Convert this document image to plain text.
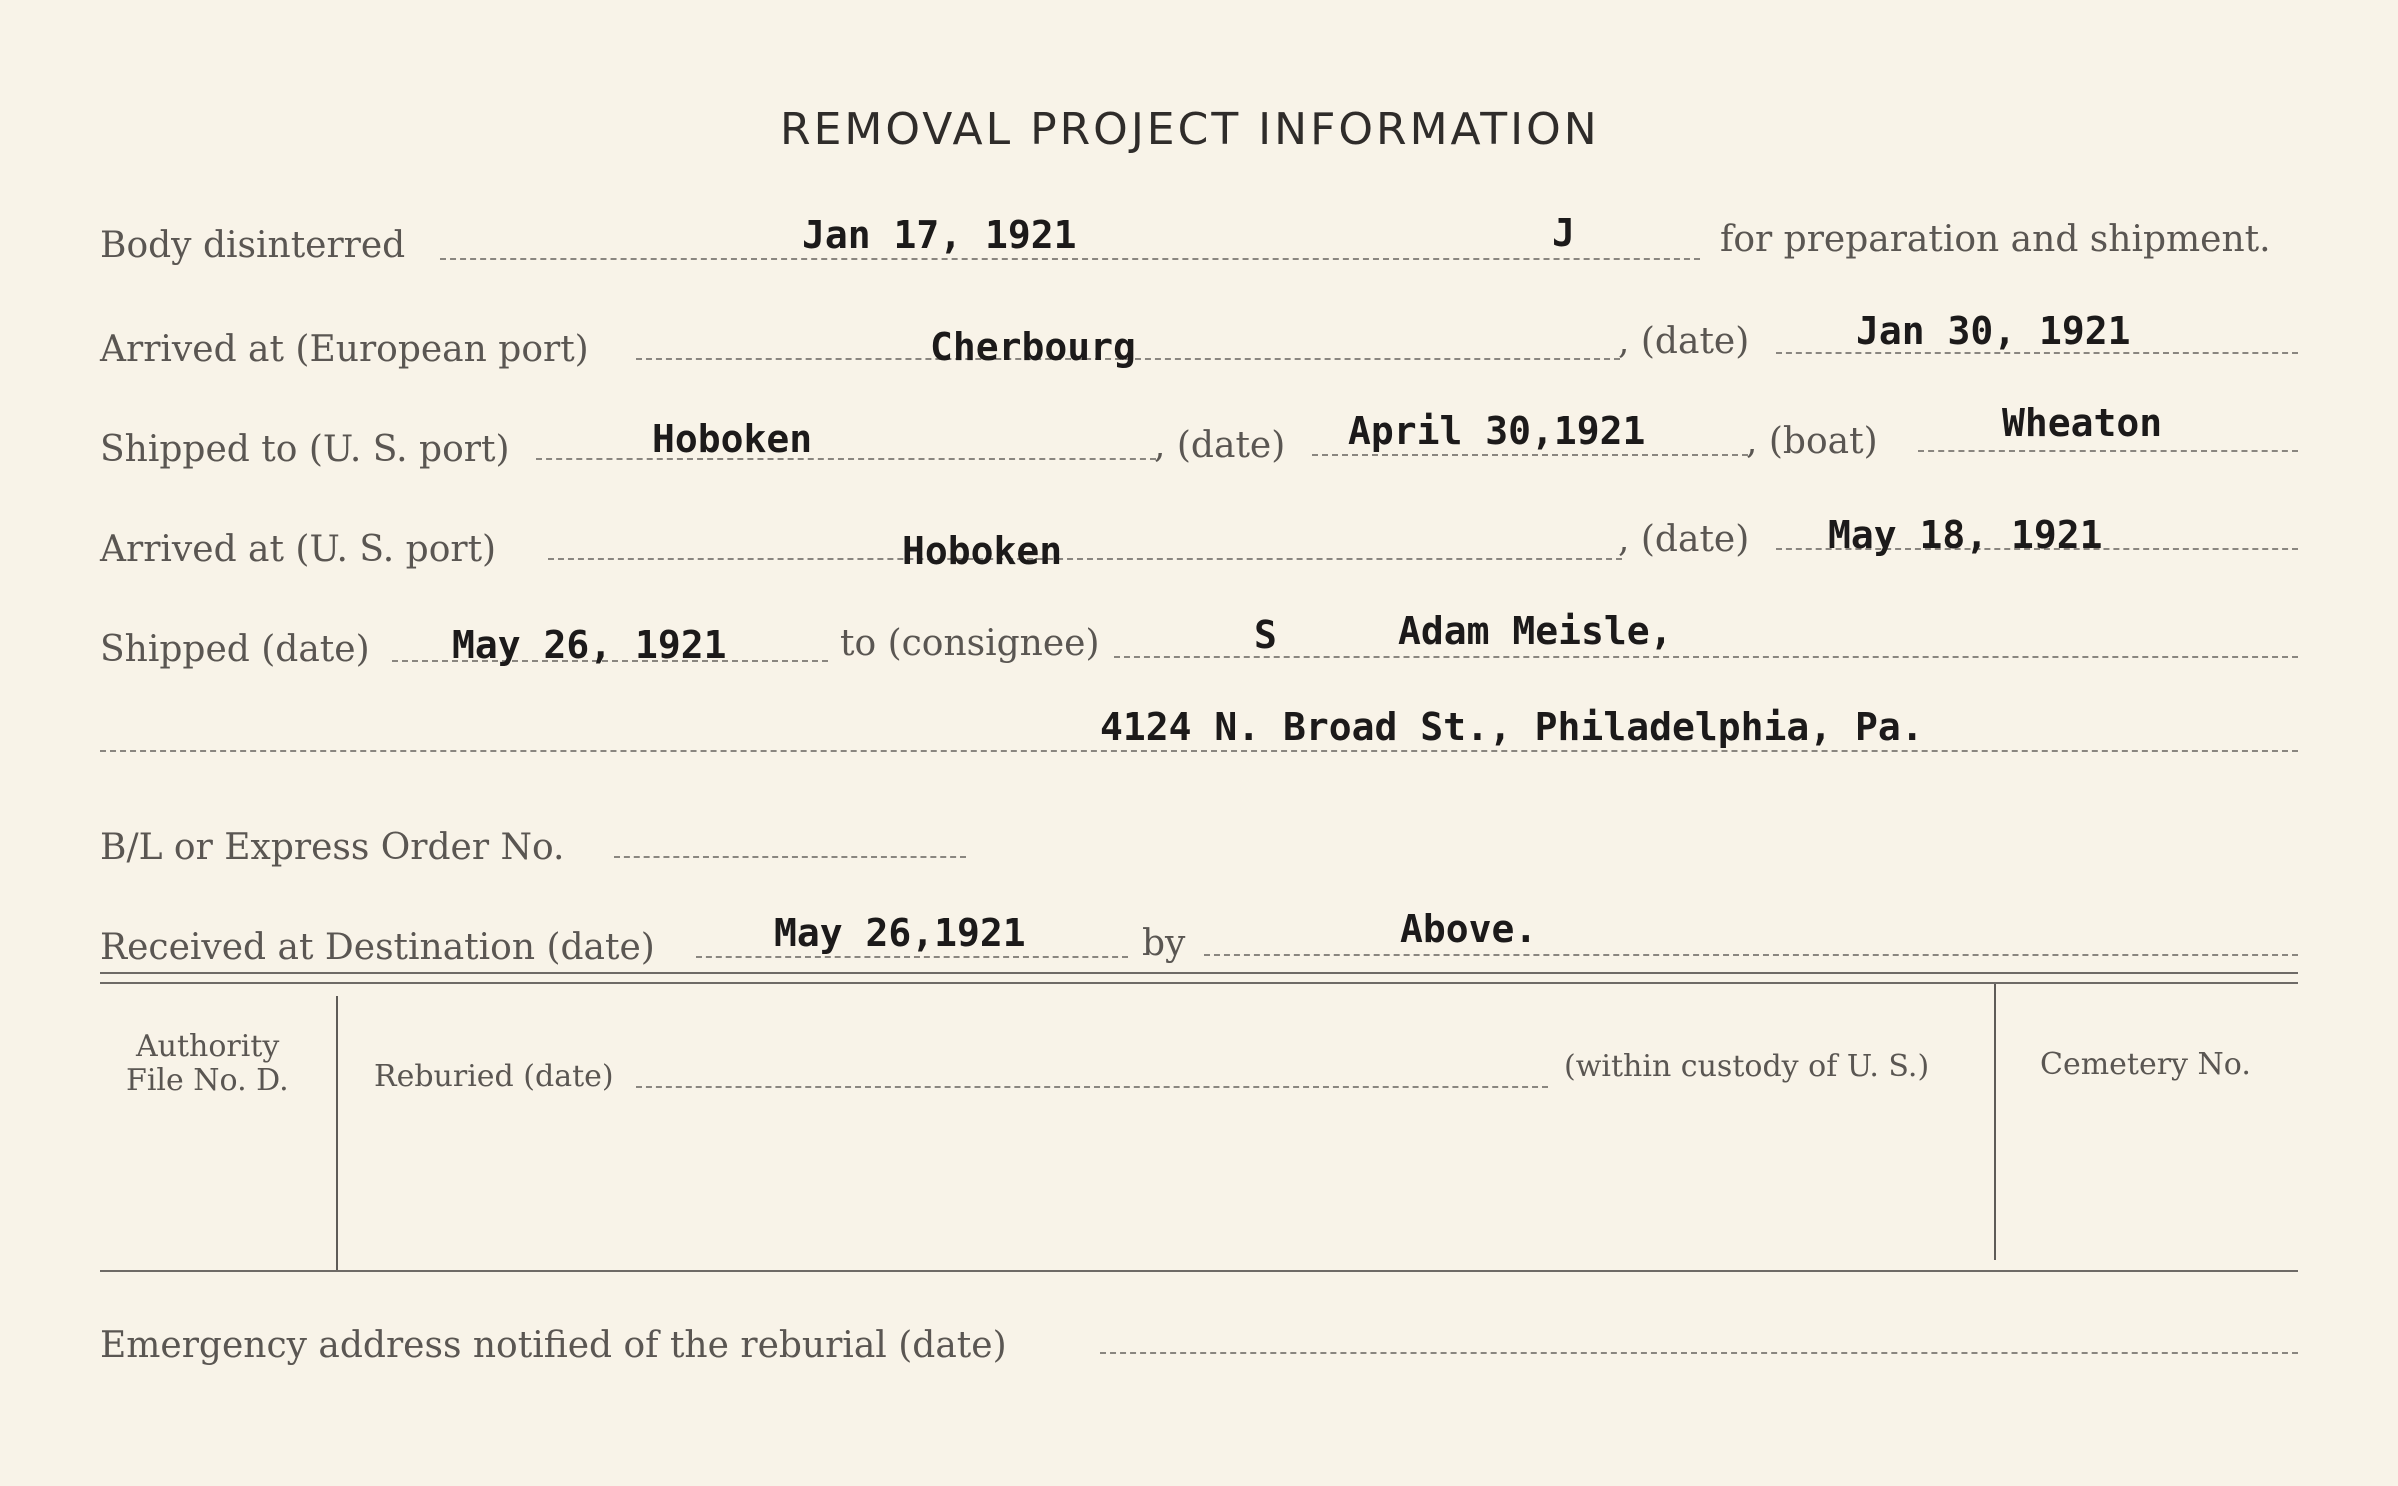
REMOVAL PROJECT INFORMATION
Body disinterred	Jan 17, 1921	J	for preparation and shipment.
Arrived at (European port)	Cherbourg	, (date)	Jan 30, 1921
Shipped to (U. S. port)	Hoboken	, (date) April 30,1921	, (boat)	Wheaton
Arrived at (U. S. port)	Hoboken	, (date) May 18, 1921
Shipped (date) May 26, 1921	to (consignee)	S	Adam Meisle,
4124 N. Broad St., Philadelphia, Pa.
B/L or Express Order No.
Received at Destination (date)	May 26,1921	by	Above.
Authority
File No. D.	Reburied (date)	(within custody of U. S.)	Cemetery No.
Emergency address notified of the reburial (date)
